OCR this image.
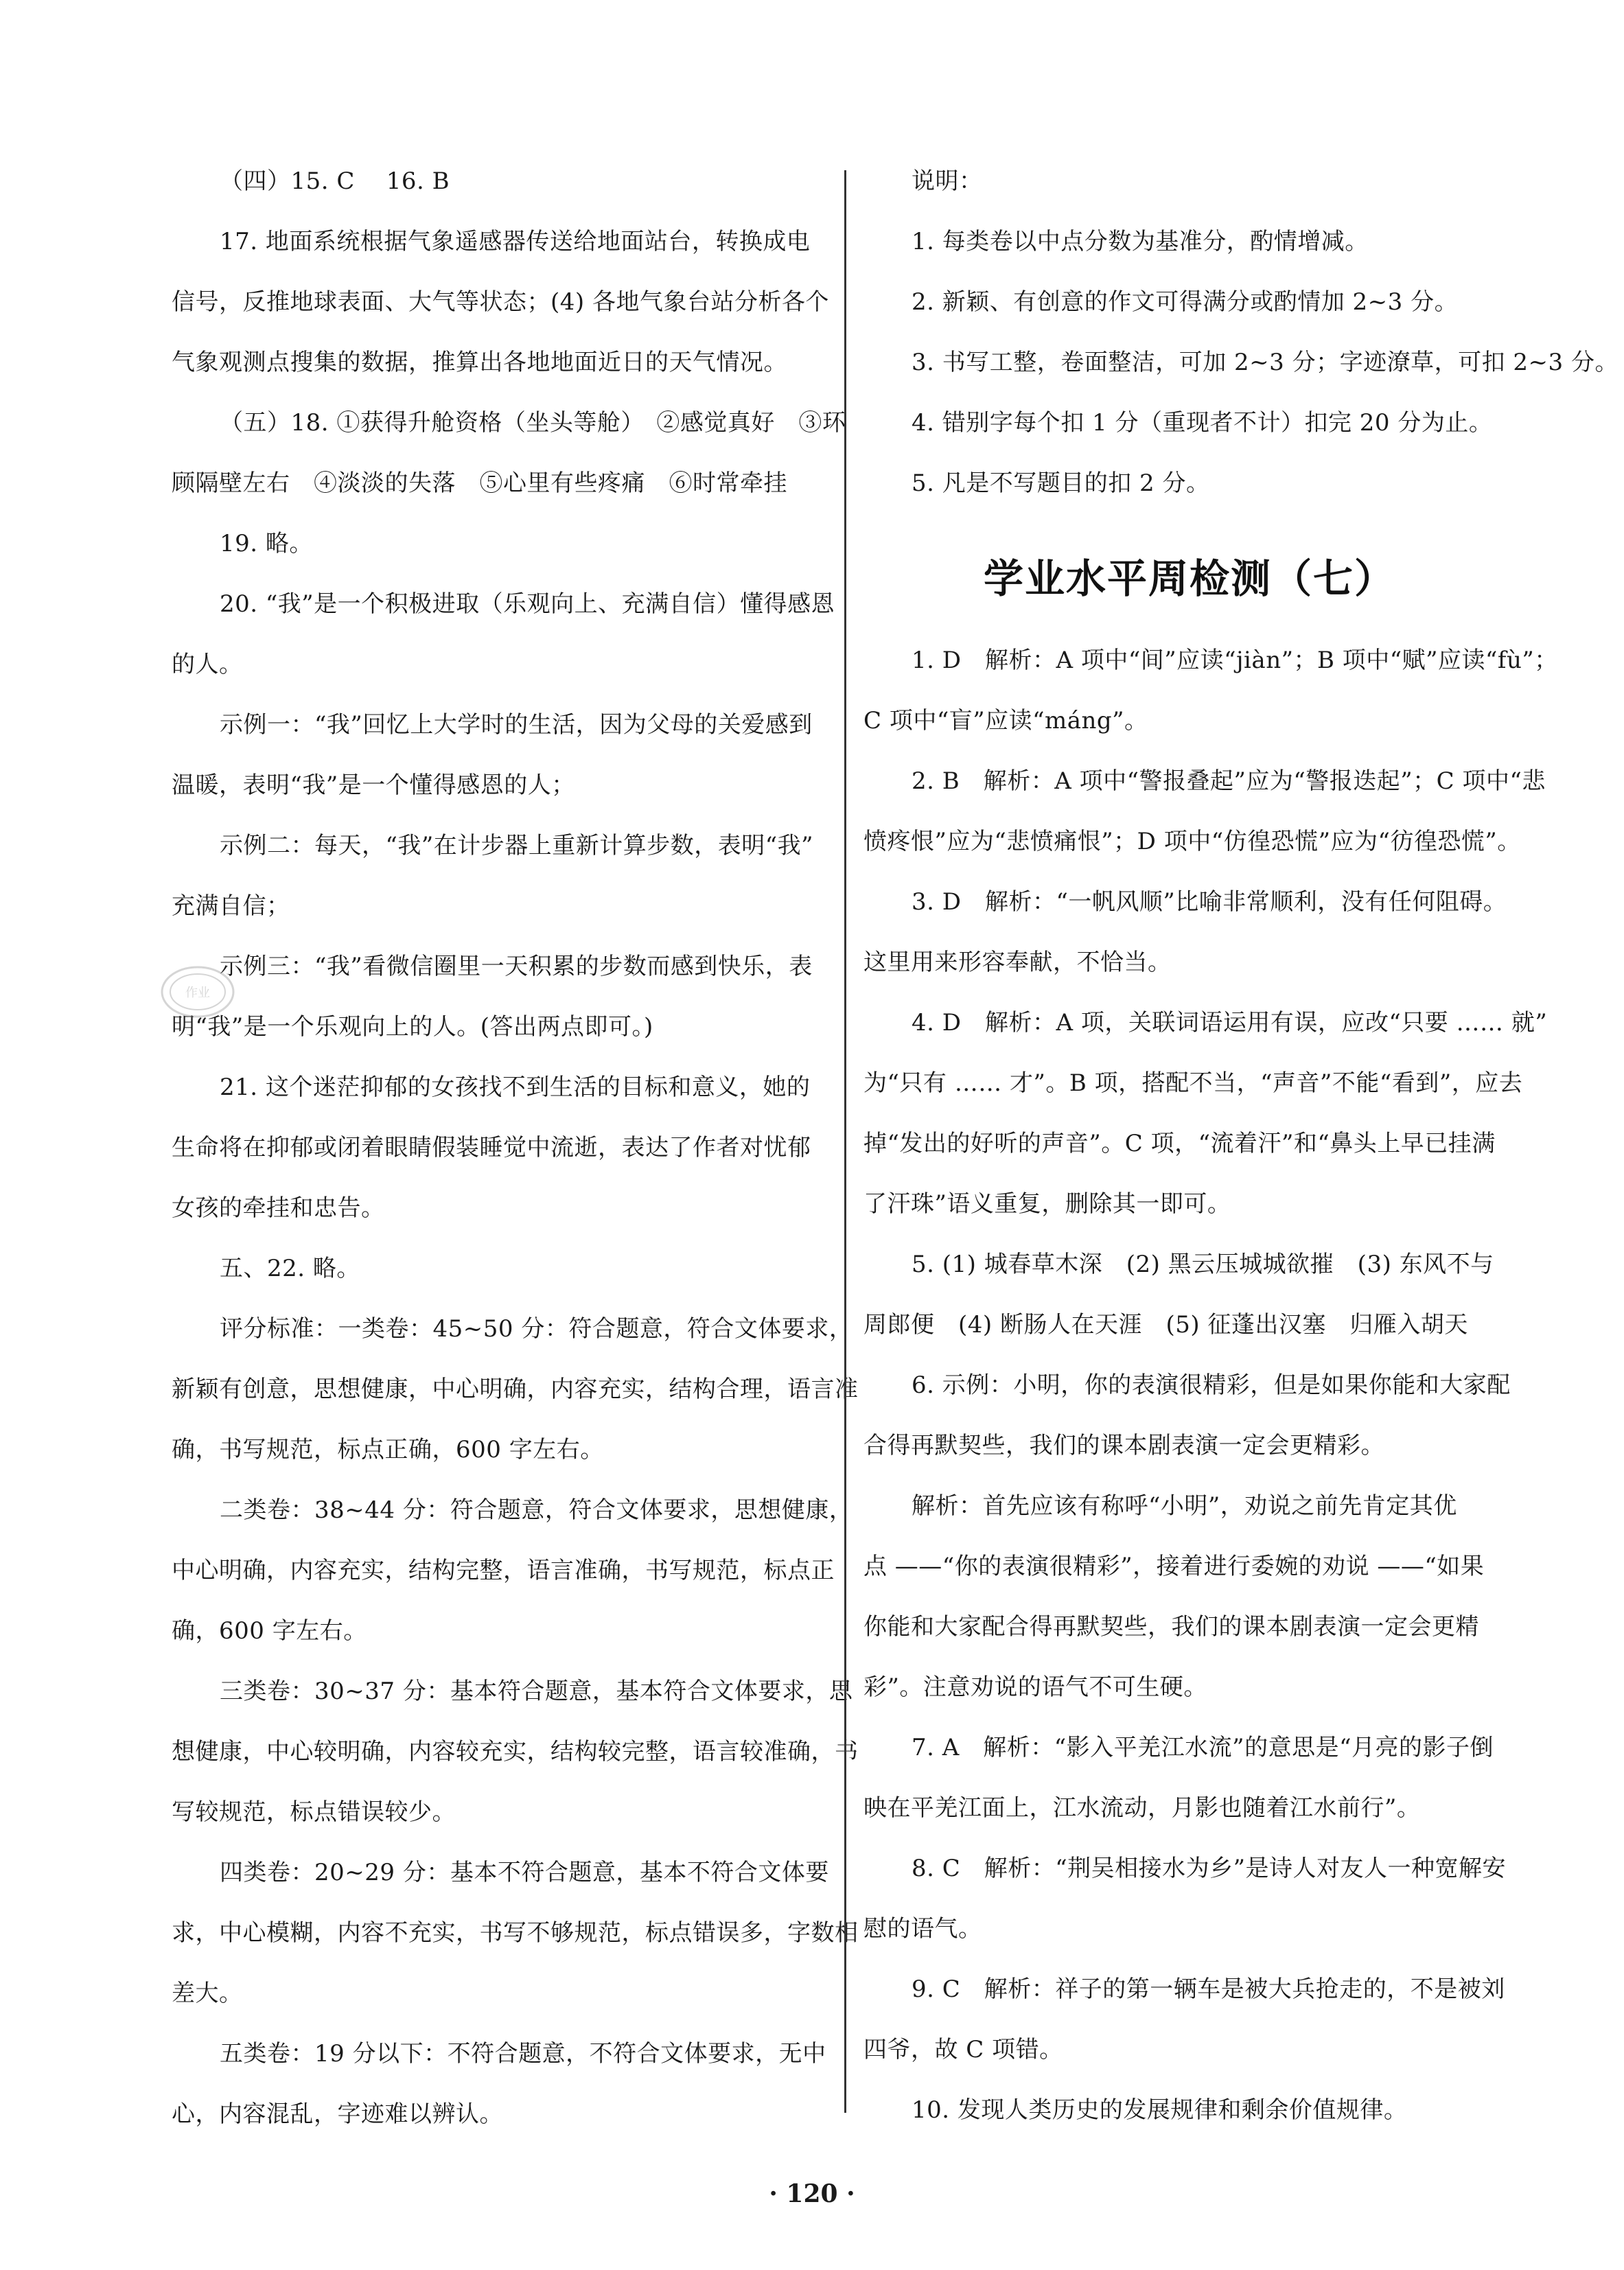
（四）15. C　 16. B
17. 地面系统根据气象遥感器传送给地面站台，转换成电
信号，反推地球表面、大气等状态；(4) 各地气象台站分析各个
气象观测点搜集的数据，推算出各地地面近日的天气情况。
（五）18. ①获得升舱资格（坐头等舱）　②感觉真好　③环
顾隔壁左右　④淡淡的失落　⑤心里有些疼痛　⑥时常牵挂
19. 略。
20. “我”是一个积极进取（乐观向上、充满自信）懂得感恩
的人。
示例一：“我”回忆上大学时的生活，因为父母的关爱感到
温暖，表明“我”是一个懂得感恩的人；
示例二：每天，“我”在计步器上重新计算步数，表明“我”
充满自信；
示例三：“我”看微信圈里一天积累的步数而感到快乐，表
明“我”是一个乐观向上的人。(答出两点即可。)
21. 这个迷茫抑郁的女孩找不到生活的目标和意义，她的
生命将在抑郁或闭着眼睛假装睡觉中流逝，表达了作者对忧郁
女孩的牵挂和忠告。
五、22. 略。
评分标准：一类卷：45~50 分：符合题意，符合文体要求，
新颖有创意，思想健康，中心明确，内容充实，结构合理，语言准
确，书写规范，标点正确，600 字左右。
二类卷：38~44 分：符合题意，符合文体要求，思想健康，
中心明确，内容充实，结构完整，语言准确，书写规范，标点正
确，600 字左右。
三类卷：30~37 分：基本符合题意，基本符合文体要求，思
想健康，中心较明确，内容较充实，结构较完整，语言较准确，书
写较规范，标点错误较少。
四类卷：20~29 分：基本不符合题意，基本不符合文体要
求，中心模糊，内容不充实，书写不够规范，标点错误多，字数相
差大。
五类卷：19 分以下：不符合题意，不符合文体要求，无中
心，内容混乱，字迹难以辨认。
说明：
1. 每类卷以中点分数为基准分，酌情增减。
2. 新颖、有创意的作文可得满分或酌情加 2~3 分。
3. 书写工整，卷面整洁，可加 2~3 分；字迹潦草，可扣 2~3 分。
4. 错别字每个扣 1 分（重现者不计）扣完 20 分为止。
5. 凡是不写题目的扣 2 分。
学业水平周检测（七）
1. D　解析：A 项中“间”应读“jiàn”；B 项中“赋”应读“fù”；
C 项中“盲”应读“máng”。
2. B　解析：A 项中“警报叠起”应为“警报迭起”；C 项中“悲
愤疼恨”应为“悲愤痛恨”；D 项中“仿徨恐慌”应为“彷徨恐慌”。
3. D　解析：“一帆风顺”比喻非常顺利，没有任何阻碍。
这里用来形容奉献，不恰当。
4. D　解析：A 项，关联词语运用有误，应改“只要 …… 就”
为“只有 …… 才”。B 项，搭配不当，“声音”不能“看到”，应去
掉“发出的好听的声音”。C 项，“流着汗”和“鼻头上早已挂满
了汗珠”语义重复，删除其一即可。
5. (1) 城春草木深　(2) 黑云压城城欲摧　(3) 东风不与
周郎便　(4) 断肠人在天涯　(5) 征蓬出汉塞　归雁入胡天
6. 示例：小明，你的表演很精彩，但是如果你能和大家配
合得再默契些，我们的课本剧表演一定会更精彩。
解析：首先应该有称呼“小明”，劝说之前先肯定其优
点 ——“你的表演很精彩”，接着进行委婉的劝说 ——“如果
你能和大家配合得再默契些，我们的课本剧表演一定会更精
彩”。注意劝说的语气不可生硬。
7. A　解析：“影入平羌江水流”的意思是“月亮的影子倒
映在平羌江面上，江水流动，月影也随着江水前行”。
8. C　解析：“荆吴相接水为乡”是诗人对友人一种宽解安
慰的语气。
9. C　解析：祥子的第一辆车是被大兵抢走的，不是被刘
四爷，故 C 项错。
10. 发现人类历史的发展规律和剩余价值规律。
作业
· 120 ·
